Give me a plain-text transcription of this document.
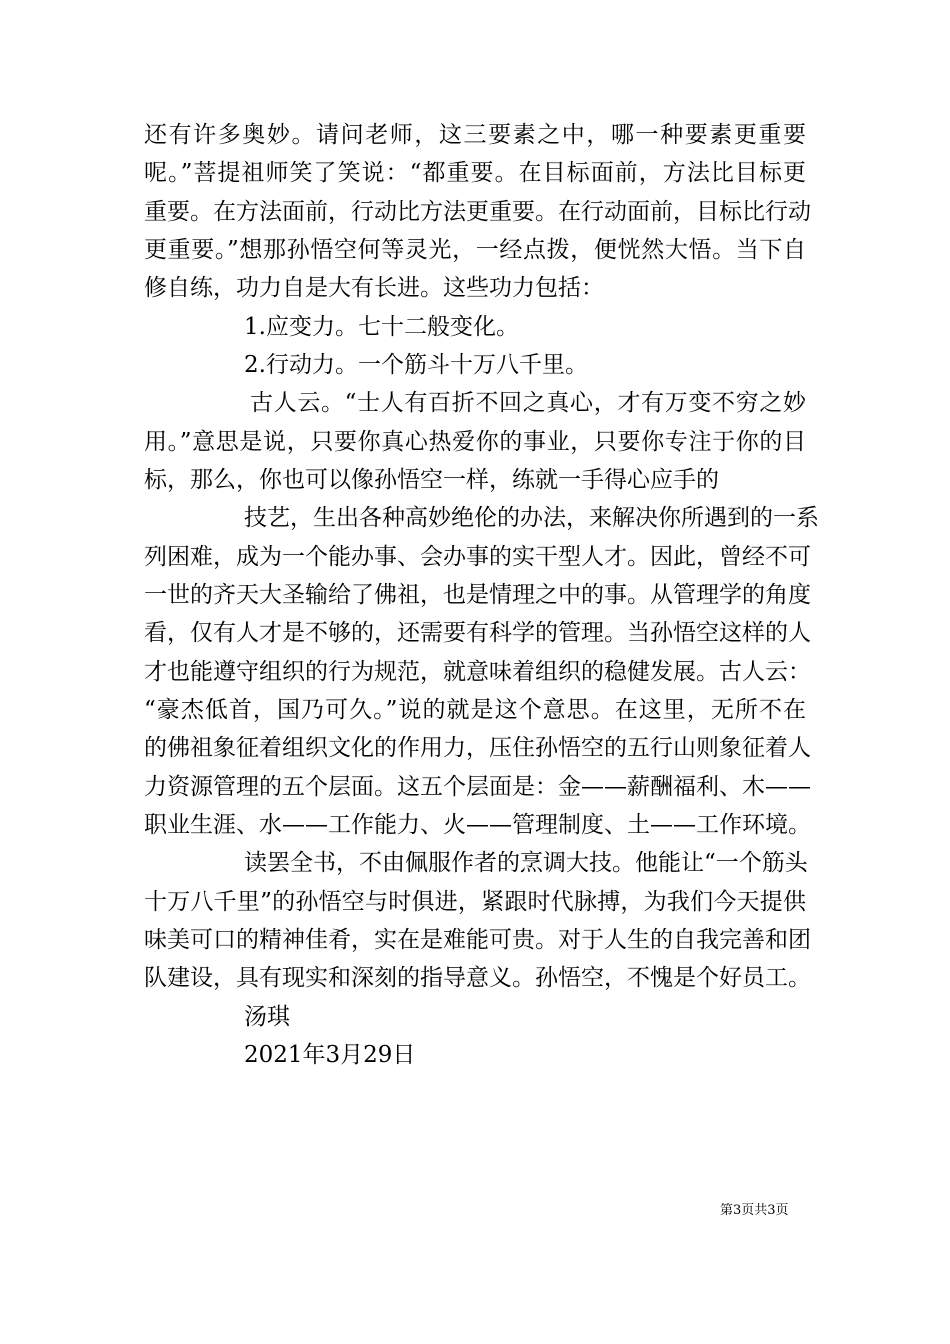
还有许多奥妙。请问老师，这三要素之中，哪一种要素更重要
呢。”菩提祖师笑了笑说：“都重要。在目标面前，方法比目标更
重要。在方法面前，行动比方法更重要。在行动面前，目标比行动
更重要。”想那孙悟空何等灵光，一经点拨，便恍然大悟。当下自
修自练，功力自是大有长进。这些功力包括：
1.应变力。七十二般变化。
2.行动力。一个筋斗十万八千里。
古人云。“士人有百折不回之真心，才有万变不穷之妙
用。”意思是说，只要你真心热爱你的事业，只要你专注于你的目
标，那么，你也可以像孙悟空一样，练就一手得心应手的
技艺，生出各种高妙绝伦的办法，来解决你所遇到的一系
列困难，成为一个能办事、会办事的实干型人才。因此，曾经不可
一世的齐天大圣输给了佛祖，也是情理之中的事。从管理学的角度
看，仅有人才是不够的，还需要有科学的管理。当孙悟空这样的人
才也能遵守组织的行为规范，就意味着组织的稳健发展。古人云：
“豪杰低首，国乃可久。”说的就是这个意思。在这里，无所不在
的佛祖象征着组织文化的作用力，压住孙悟空的五行山则象征着人
力资源管理的五个层面。这五个层面是：金——薪酬福利、木——
职业生涯、水——工作能力、火——管理制度、土——工作环境。
读罢全书，不由佩服作者的烹调大技。他能让“一个筋头
十万八千里”的孙悟空与时俱进，紧跟时代脉搏，为我们今天提供
味美可口的精神佳肴，实在是难能可贵。对于人生的自我完善和团
队建设，具有现实和深刻的指导意义。孙悟空，不愧是个好员工。
汤琪
2021年3月29日
第3页共3页
